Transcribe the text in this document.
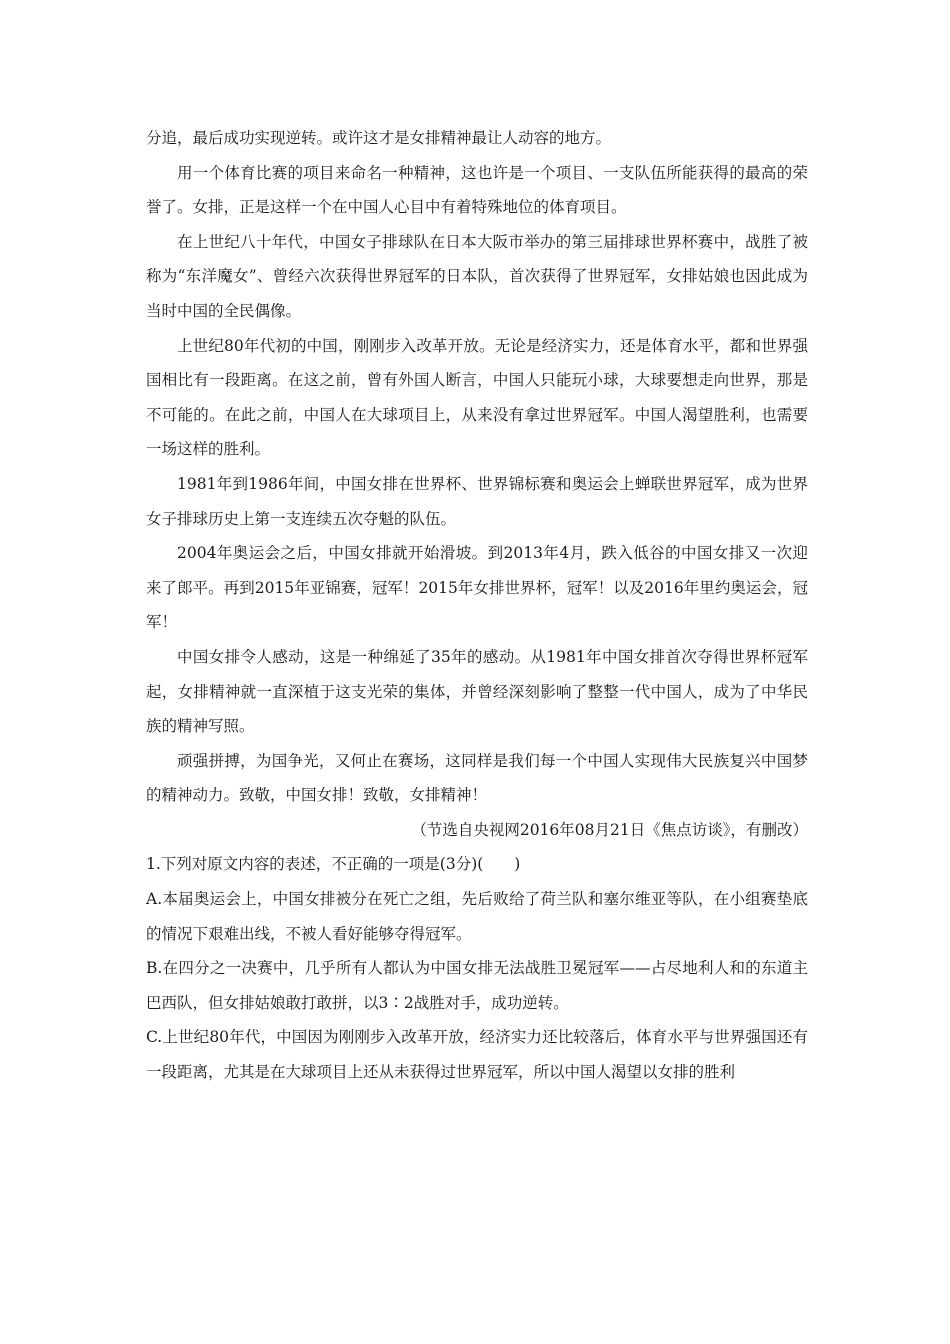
分追，最后成功实现逆转。或许这才是女排精神最让人动容的地方。

用一个体育比赛的项目来命名一种精神，这也许是一个项目、一支队伍所能获得的最高的荣誉了。女排，正是这样一个在中国人心目中有着特殊地位的体育项目。

在上世纪八十年代，中国女子排球队在日本大阪市举办的第三届排球世界杯赛中，战胜了被称为“东洋魔女”、曾经六次获得世界冠军的日本队，首次获得了世界冠军，女排姑娘也因此成为当时中国的全民偶像。

上世纪80年代初的中国，刚刚步入改革开放。无论是经济实力，还是体育水平，都和世界强国相比有一段距离。在这之前，曾有外国人断言，中国人只能玩小球，大球要想走向世界，那是不可能的。在此之前，中国人在大球项目上，从来没有拿过世界冠军。中国人渴望胜利，也需要一场这样的胜利。

1981年到1986年间，中国女排在世界杯、世界锦标赛和奥运会上蝉联世界冠军，成为世界女子排球历史上第一支连续五次夺魁的队伍。

2004年奥运会之后，中国女排就开始滑坡。到2013年4月，跌入低谷的中国女排又一次迎来了郎平。再到2015年亚锦赛，冠军！2015年女排世界杯，冠军！以及2016年里约奥运会，冠军！

中国女排令人感动，这是一种绵延了35年的感动。从1981年中国女排首次夺得世界杯冠军起，女排精神就一直深植于这支光荣的集体，并曾经深刻影响了整整一代中国人，成为了中华民族的精神写照。

顽强拼搏，为国争光，又何止在赛场，这同样是我们每一个中国人实现伟大民族复兴中国梦的精神动力。致敬，中国女排！致敬，女排精神！

（节选自央视网2016年08月21日《焦点访谈》，有删改）

1.下列对原文内容的表述，不正确的一项是(3分)(　　)

A.本届奥运会上，中国女排被分在死亡之组，先后败给了荷兰队和塞尔维亚等队，在小组赛垫底的情况下艰难出线，不被人看好能够夺得冠军。

B.在四分之一决赛中，几乎所有人都认为中国女排无法战胜卫冕冠军——占尽地利人和的东道主巴西队，但女排姑娘敢打敢拼，以3∶2战胜对手，成功逆转。

C.上世纪80年代，中国因为刚刚步入改革开放，经济实力还比较落后，体育水平与世界强国还有一段距离，尤其是在大球项目上还从未获得过世界冠军，所以中国人渴望以女排的胜利
